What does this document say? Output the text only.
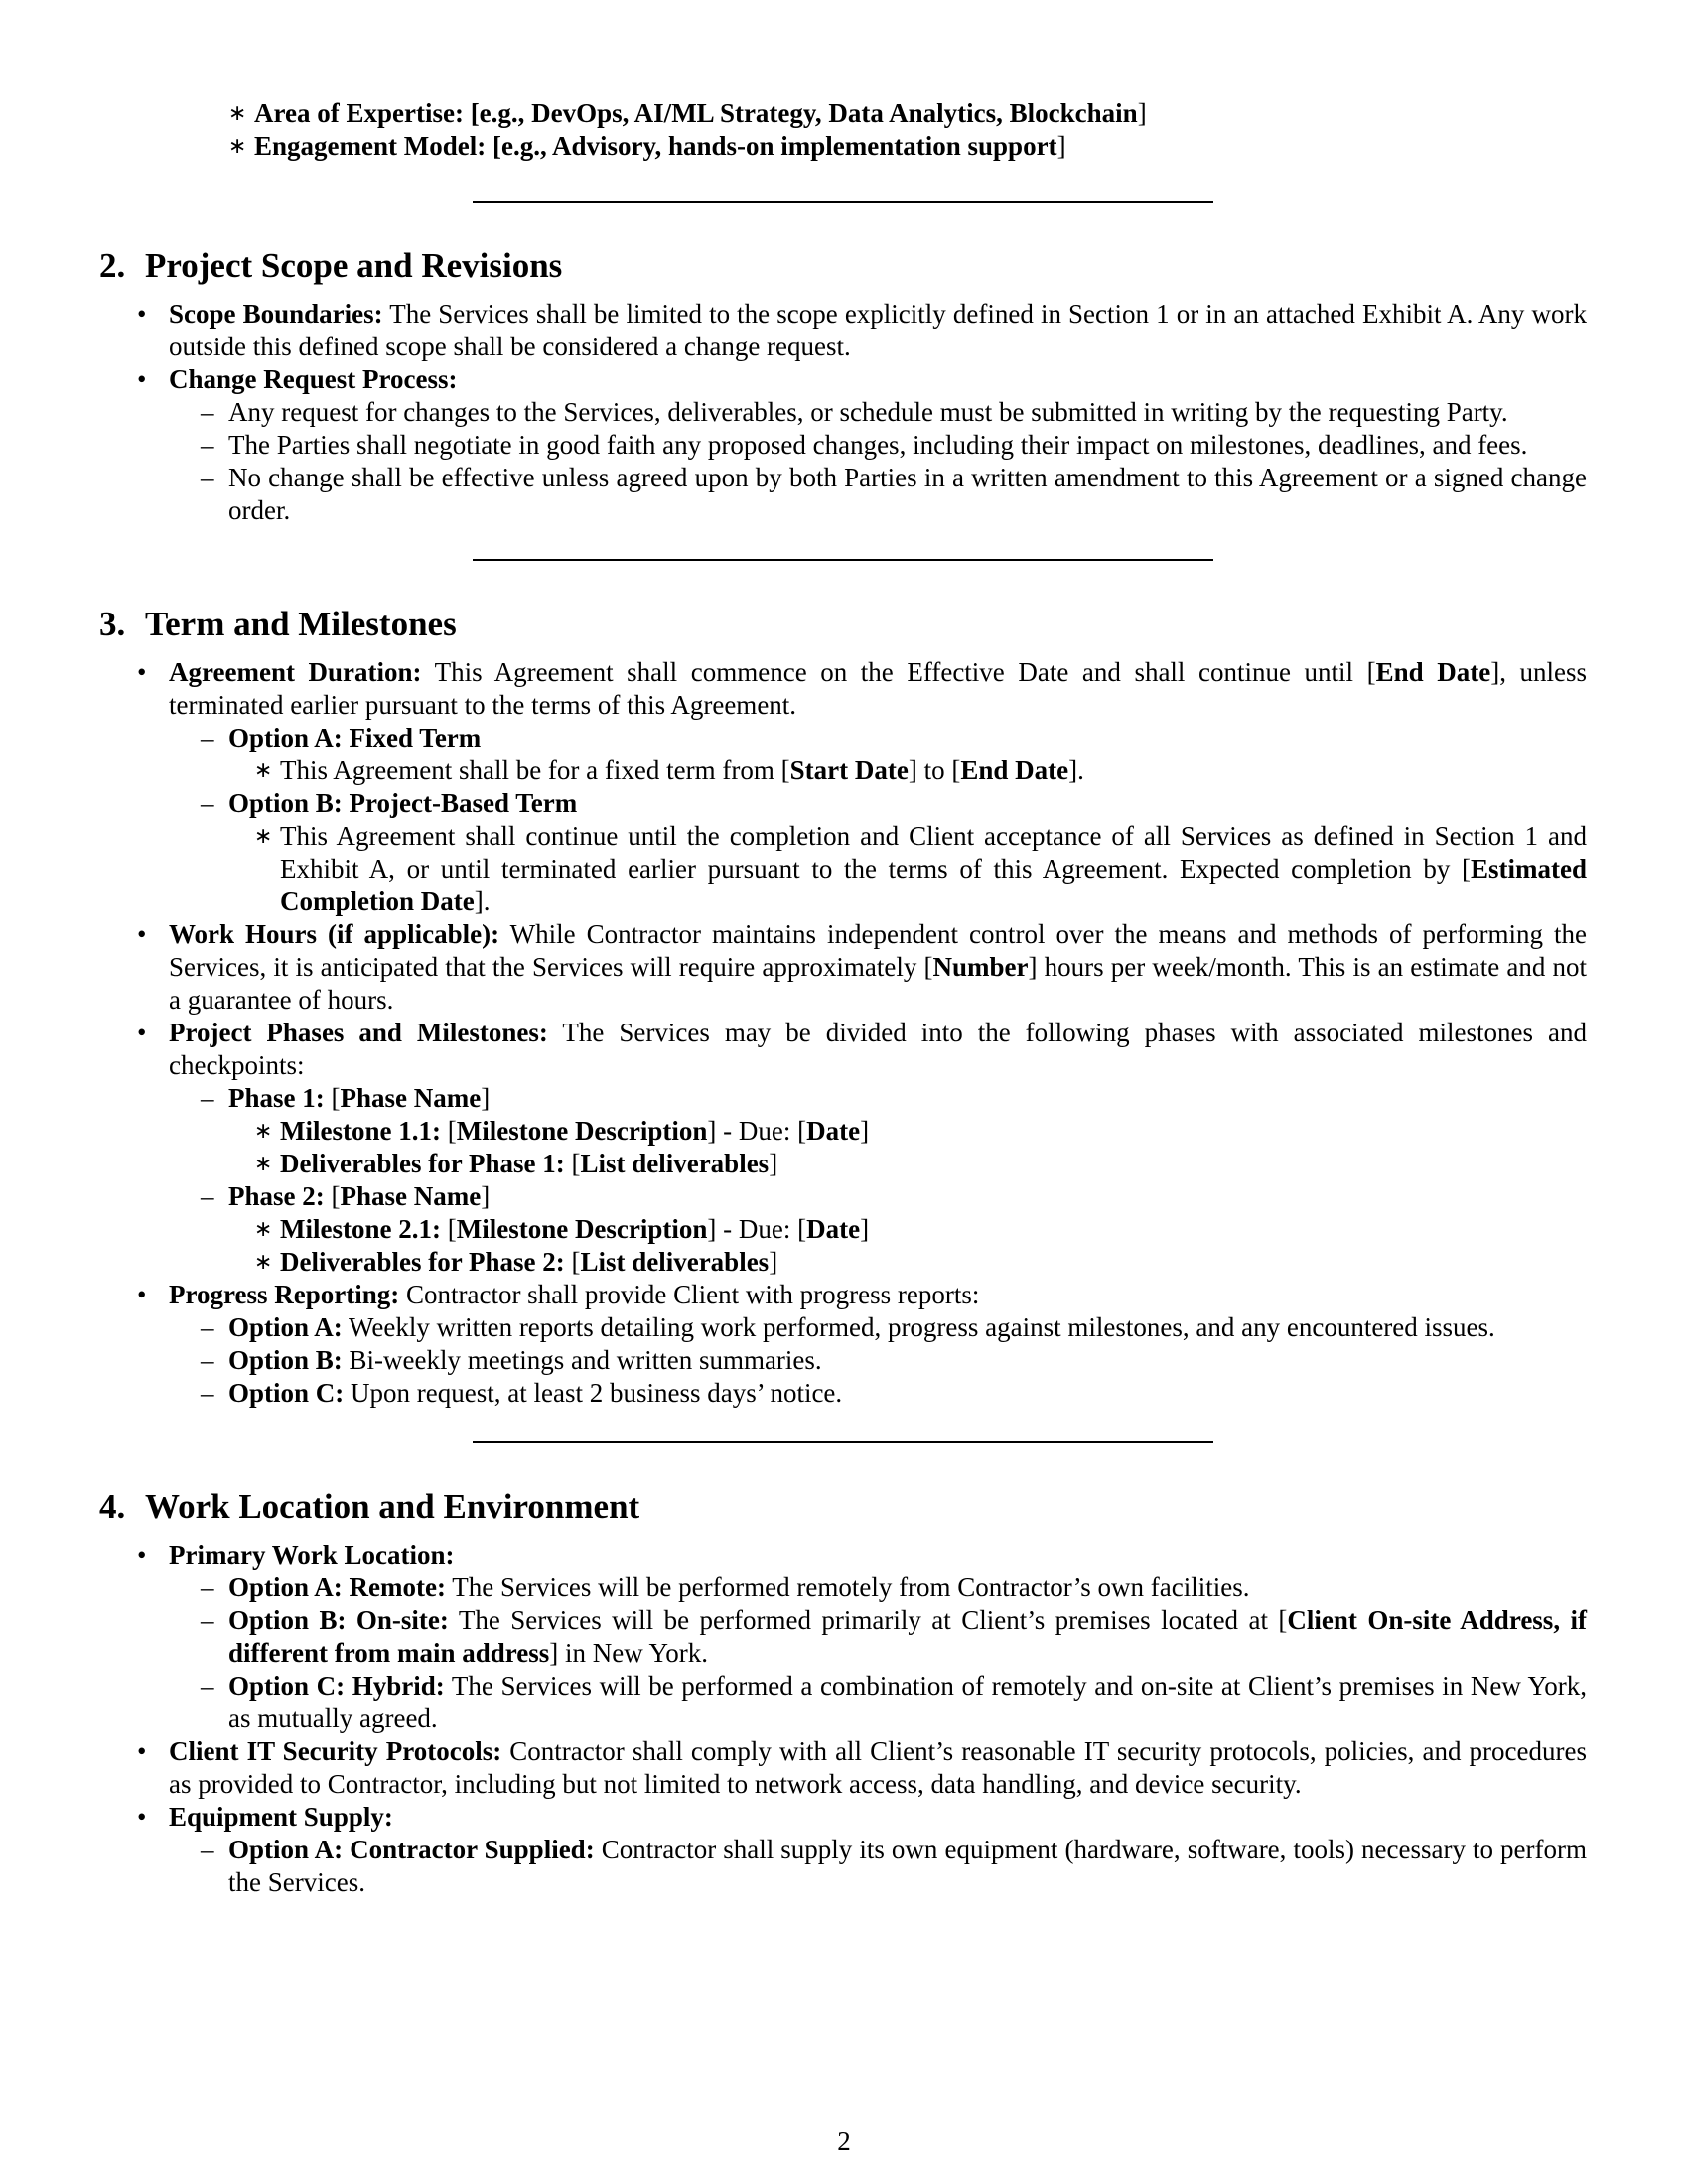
∗ Area of Expertise: [e.g., DevOps, AI/ML Strategy, Data Analytics, Blockchain]
∗ Engagement Model: [e.g., Advisory, hands-on implementation support]
2. Project Scope and Revisions
• Scope Boundaries: The Services shall be limited to the scope explicitly defined in Section 1 or in an attached Exhibit A. Any work outside this defined scope shall be considered a change request.
• Change Request Process:
– Any request for changes to the Services, deliverables, or schedule must be submitted in writing by the requesting Party.
– The Parties shall negotiate in good faith any proposed changes, including their impact on milestones, deadlines, and fees.
– No change shall be effective unless agreed upon by both Parties in a written amendment to this Agreement or a signed change order.
3. Term and Milestones
• Agreement Duration: This Agreement shall commence on the Effective Date and shall continue until [End Date], unless terminated earlier pursuant to the terms of this Agreement.
– Option A: Fixed Term
∗ This Agreement shall be for a fixed term from [Start Date] to [End Date].
– Option B: Project-Based Term
∗ This Agreement shall continue until the completion and Client acceptance of all Services as defined in Section 1 and Exhibit A, or until terminated earlier pursuant to the terms of this Agreement. Expected completion by [Estimated Completion Date].
• Work Hours (if applicable): While Contractor maintains independent control over the means and methods of performing the Services, it is anticipated that the Services will require approximately [Number] hours per week/month. This is an estimate and not a guarantee of hours.
• Project Phases and Milestones: The Services may be divided into the following phases with associated milestones and checkpoints:
– Phase 1: [Phase Name]
∗ Milestone 1.1: [Milestone Description] - Due: [Date]
∗ Deliverables for Phase 1: [List deliverables]
– Phase 2: [Phase Name]
∗ Milestone 2.1: [Milestone Description] - Due: [Date]
∗ Deliverables for Phase 2: [List deliverables]
• Progress Reporting: Contractor shall provide Client with progress reports:
– Option A: Weekly written reports detailing work performed, progress against milestones, and any encountered issues.
– Option B: Bi-weekly meetings and written summaries.
– Option C: Upon request, at least 2 business days’ notice.
4. Work Location and Environment
• Primary Work Location:
– Option A: Remote: The Services will be performed remotely from Contractor’s own facilities.
– Option B: On-site: The Services will be performed primarily at Client’s premises located at [Client On-site Address, if different from main address] in New York.
– Option C: Hybrid: The Services will be performed a combination of remotely and on-site at Client’s premises in New York, as mutually agreed.
• Client IT Security Protocols: Contractor shall comply with all Client’s reasonable IT security protocols, policies, and procedures as provided to Contractor, including but not limited to network access, data handling, and device security.
• Equipment Supply:
– Option A: Contractor Supplied: Contractor shall supply its own equipment (hardware, software, tools) necessary to perform the Services.
2
